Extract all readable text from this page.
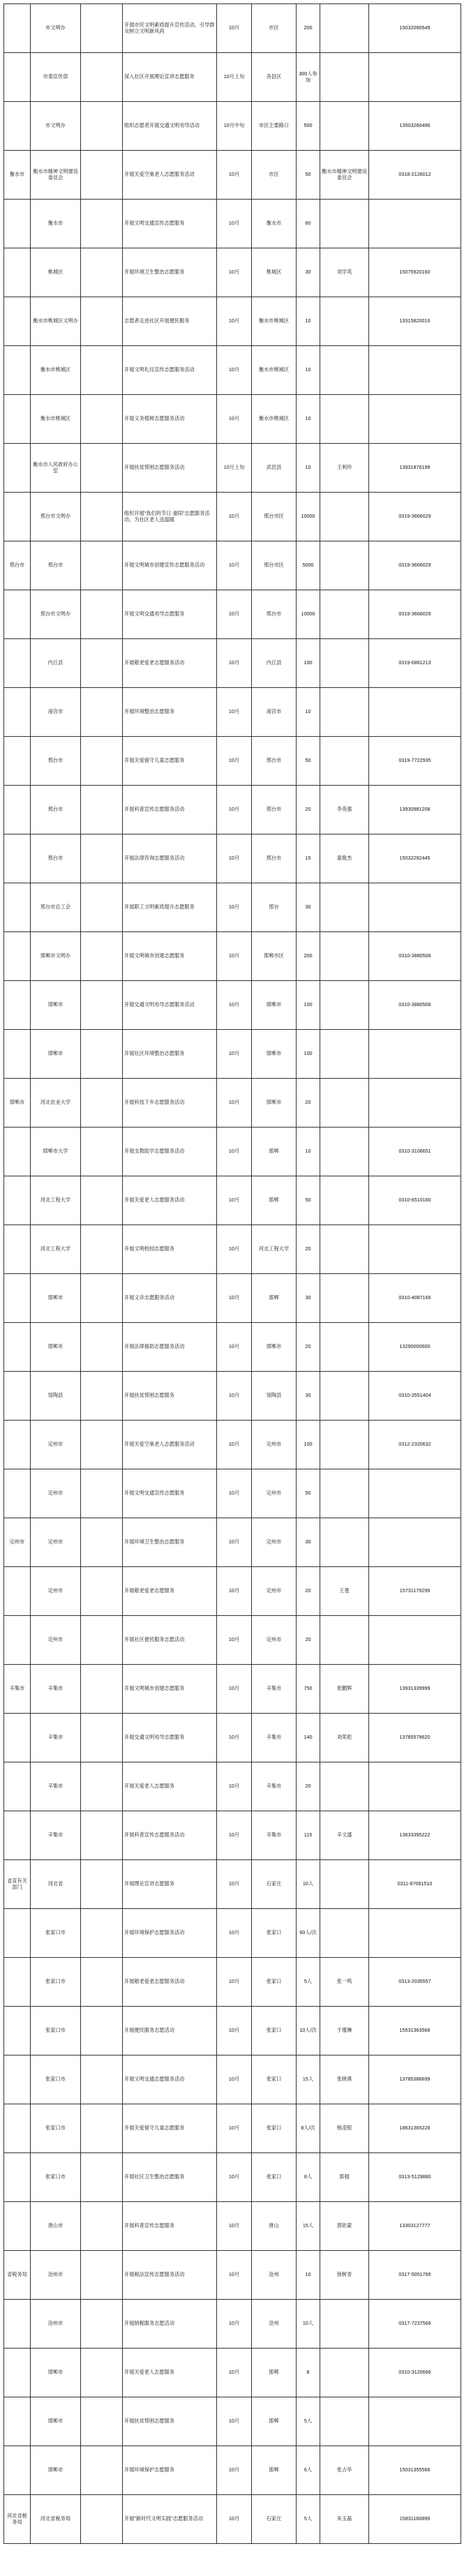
	市文明办		开展市民文明素质提升宣传活动，引导群众树立文明新风尚	10月	市区	200		15032090549
	市委宣传部		深入社区开展理论宣讲志愿服务	10月上旬	各县区	300人参加		
	市文明办		组织志愿者开展交通文明劝导活动	10月中旬	市区主要路口	500		13503260496
衡水市	衡水市精神文明建设委员会		开展关爱空巢老人志愿服务活动	10月	市区	50	衡水市精神文明建设委员会	0318-2126012
	衡水市		开展文明交通宣传志愿服务	10月	衡水市	60		
	桃城区		开展环境卫生整治志愿服务	10月	桃城区	30	刘学英	15075920160
	衡水市桃城区文明办		志愿者走进社区开展便民服务	10月	衡水市桃城区	10		13315820016
	衡水市桃城区		开展文明礼仪宣传志愿服务活动	10月	衡水市桃城区	10		
	衡水市桃城区		开展义务植树志愿服务活动	10月	衡水市桃城区	10		
	衡水市人民政府办公室		开展扶贫帮困志愿服务活动	10月上旬	武邑县	10	王利玲	13931876199
	邢台市文明办		组织开展"我们的节日·重阳"志愿服务活动，为社区老人送温暖	10月	邢台市区	10000		0319-3666029
邢台市	邢台市		开展文明城市创建宣传志愿服务活动	10月	邢台市区	5000		0319-3666029
	邢台市文明办		开展文明交通劝导志愿服务	10月	邢台市	10000		0319-3666029
	内丘县		开展敬老爱老志愿服务活动	10月	内丘县	100		0319-6861213
	南宫市		开展环境整治志愿服务	10月	南宫市	10		
	邢台市		开展关爱留守儿童志愿服务	10月	邢台市	50		0319-7722935
	邢台市		开展科普宣传志愿服务活动	10月	邢台市	20	李英强	13930981208
	邢台市		开展法律咨询志愿服务活动	10月	邢台市	15	童俊杰	15032292445
	邢台市总工会		开展职工文明素质提升志愿服务	10月	邢台	30		
	邯郸市文明办		开展文明城市创建志愿服务	10月	邯郸市区	200		0310-3880506
	邯郸市		开展交通文明劝导志愿服务活动	10月	邯郸市	100		0310-3880506
	邯郸市		开展社区环境整治志愿服务	10月	邯郸市	100		
邯郸市	河北农业大学		开展科技下乡志愿服务活动	10月	邯郸市	20		
	邯郸市大学		开展支教助学志愿服务活动	10月	邯郸	10		0310-3106651
	河北工程大学		开展关爱老人志愿服务活动	10月	邯郸	50		0310-6510160
	河北工程大学		开展文明校园志愿服务	10月	河北工程大学	20		
	邯郸市		开展义诊志愿服务活动	10月	邯郸	30		0310-4087166
	邯郸市		开展法律援助志愿服务活动	10月	邯郸市	20		13290000600
	馆陶县		开展扶贫帮困志愿服务	10月	馆陶县	30		0310-3551404
	定州市		开展关爱空巢老人志愿服务活动	10月	定州市	100		0312-2320632
	定州市		开展文明交通宣传志愿服务	10月	定州市	50		
定州市	定州市		开展环境卫生整治志愿服务	10月	定州市	30		
	定州市		开展敬老爱老志愿服务	10月	定州市	20	王曼	15731179299
	定州市		开展社区便民服务志愿活动	10月	定州市	20		
辛集市	辛集市		开展文明城市创建志愿服务	10月	辛集市	750	张鹏辉	13931339999
	辛集市		开展交通文明劝导志愿服务	10月	辛集市	140	刘荣彪	13785579620
	辛集市		开展关爱老人志愿服务	10月	辛集市	20		
	辛集市		开展科普宣传志愿服务活动	10月	辛集市	115	辛文盛	13633395222
省直有关部门	河北省		开展理论宣讲志愿服务	10月	石家庄	10人		0311-87091510
	张家口市		开展环境保护志愿服务活动	10月	张家口	60人/次		
	张家口市		开展敬老爱老志愿服务活动	10月	张家口	5人	张一鸣	0313-2035557
	张家口市		开展便民服务志愿活动	10月	张家口	10人/次	于瑾琳	15531363568
	张家口市		开展文明交通志愿服务活动	10月	张家口	15人	张晓燕	13785386699
	张家口市		开展关爱留守儿童志愿服务	10月	张家口	8人/次	杨凌银	18631365228
	张家口市		开展社区卫生整治志愿服务	10月	张家口	8人	郭强	0313-5129880
	唐山市		开展科普宣传志愿服务	10月	唐山	15人	郭依蒙	13303127777
省税务局	沧州市		开展税法宣传志愿服务活动	10月	沧州	10	徐树青	0317-5051766
	沧州市		开展纳税服务志愿活动	10月	沧州	10人		0317-7237566
	邯郸市		开展关爱老人志愿服务	10月	邯郸	8		0310-3120666
	邯郸市		开展扶贫帮困志愿服务	10月	邯郸	5人		
	邯郸市		开展环境保护志愿服务	10月	邯郸	6人	张占华	15031355566
河北省税务局	河北省税务局		开展"新时代文明实践"志愿服务活动	10月	石家庄	5人	朱玉磊	15831160899
